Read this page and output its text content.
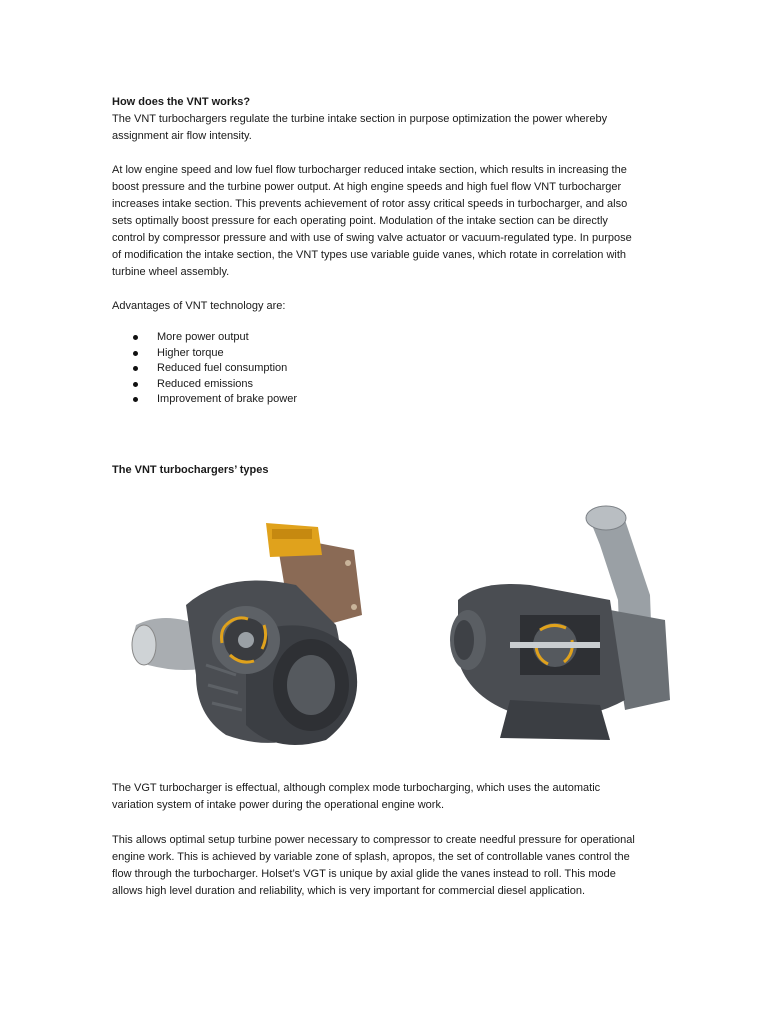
How does the VNT works?

The VNT turbochargers regulate the turbine intake section in purpose optimization the power whereby assignment air flow intensity.

At low engine speed and low fuel flow turbocharger reduced intake section, which results in increasing the boost pressure and the turbine power output. At high engine speeds and high fuel flow VNT turbocharger increases intake section. This prevents achievement of rotor assy critical speeds in turbocharger, and also sets optimally boost pressure for each operating point. Modulation of the intake section can be directly control by compressor pressure and with use of swing valve actuator or vacuum-regulated type. In purpose of modification the intake section, the VNT types use variable guide vanes, which rotate in correlation with turbine wheel assembly.

Advantages of VNT technology are:

More power output
Higher torque
Reduced fuel consumption
Reduced emissions
Improvement of brake power
The VNT turbochargers’ types

The VGT turbocharger is effectual, although complex mode turbocharging, which uses the automatic variation system of intake power during the operational engine work.

This allows optimal setup turbine power necessary to compressor to create needful pressure for operational engine work. This is achieved by variable zone of splash, apropos, the set of controllable vanes control the flow through the turbocharger. Holset’s VGT is unique by axial glide the vanes instead to roll. This mode allows high level duration and reliability, which is very important for commercial diesel application.
